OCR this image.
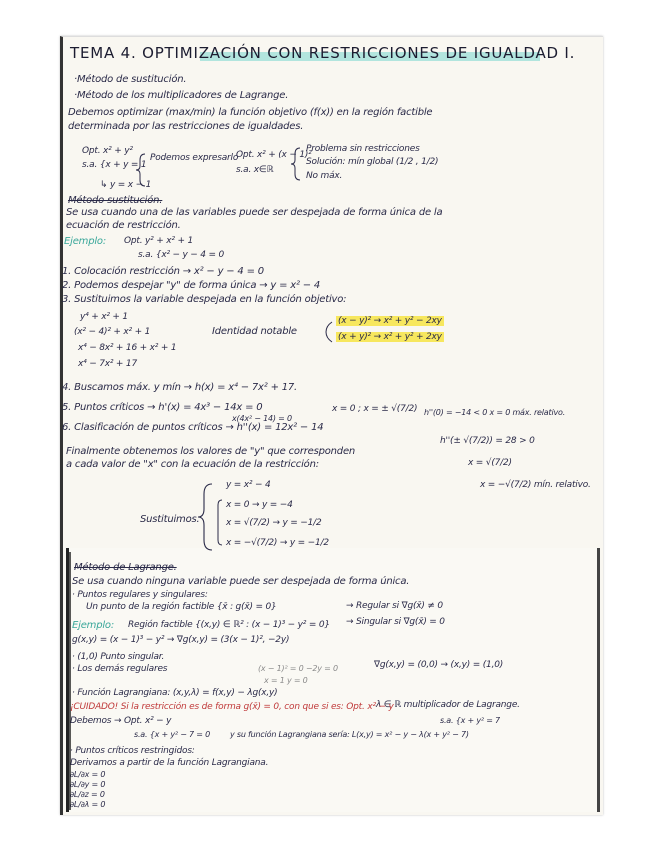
TEMA 4. OPTIMIZACIÓN CON RESTRICCIONES DE IGUALDAD I.
·Método de sustitución.
·Método de los multiplicadores de Lagrange.
Debemos optimizar (max/min) la función objetivo (f(x)) en la región factible
determinada por las restricciones de igualdades.
Opt. x² + y²
s.a. {x + y = 1
Podemos expresarlo
↳ y = x − 1
Opt. x² + (x − 1)²
s.a. x∈ℝ
Problema sin restricciones
Solución: mín global (1/2 , 1/2)
No máx.
Método sustitución.
Se usa cuando una de las variables puede ser despejada de forma única de la
ecuación de restricción.
Ejemplo: Opt. y² + x² + 1
s.a. {x² − y − 4 = 0
1. Colocación restricción → x² − y − 4 = 0
2. Podemos despejar "y" de forma única → y = x² − 4
3. Sustituimos la variable despejada en la función objetivo:
y⁴ + x² + 1
(x² − 4)² + x² + 1
x⁴ − 8x² + 16 + x² + 1
x⁴ − 7x² + 17
Identidad notable
(x − y)² → x² + y² − 2xy
(x + y)² → x² + y² + 2xy
4. Buscamos máx. y mín → h(x) = x⁴ − 7x² + 17.
5. Puntos críticos → h'(x) = 4x³ − 14x = 0
x(4x² − 14) = 0
x = 0 ; x = ± √(7/2) h''(0) = −14 < 0 x = 0 máx. relativo.
6. Clasificación de puntos críticos → h''(x) = 12x² − 14
h''(± √(7/2)) = 28 > 0
Finalmente obtenemos los valores de "y" que corresponden
a cada valor de "x" con la ecuación de la restricción:	x = √(7/2)
x = −√(7/2) mín. relativo.
Sustituimos.
y = x² − 4
x = 0 → y = −4
x = √(7/2) → y = −1/2
x = −√(7/2) → y = −1/2
Método de Lagrange.
Se usa cuando ninguna variable puede ser despejada de forma única.
· Puntos regulares y singulares:
Un punto de la región factible {x̄ : g(x̄) = 0}	→ Regular si ∇g(x̄) ≠ 0
→ Singular si ∇g(x̄) = 0
Ejemplo: Región factible {(x,y) ∈ ℝ² : (x − 1)³ − y² = 0}
g(x,y) = (x − 1)³ − y² → ∇g(x,y) = (3(x − 1)², −2y)
· (1,0) Punto singular.
· Los demás regulares	(x − 1)² = 0 −2y = 0
x = 1 y = 0
∇g(x,y) = (0,0) → (x,y) = (1,0)
· Función Lagrangiana: (x,y,λ) = f(x,y) − λg(x,y)
λ ∈ ℝ multiplicador de Lagrange.
¡CUIDADO! Si la restricción es de forma g(x̄) = 0, con que si es: Opt. x² − y
s.a. {x + y² = 7
Debemos → Opt. x² − y
s.a. {x + y² − 7 = 0 y su función Lagrangiana sería: L(x,y) = x² − y − λ(x + y² − 7)
· Puntos críticos restringidos:
Derivamos a partir de la función Lagrangiana.
∂L/∂x = 0
∂L/∂y = 0
∂L/∂z = 0
∂L/∂λ = 0
